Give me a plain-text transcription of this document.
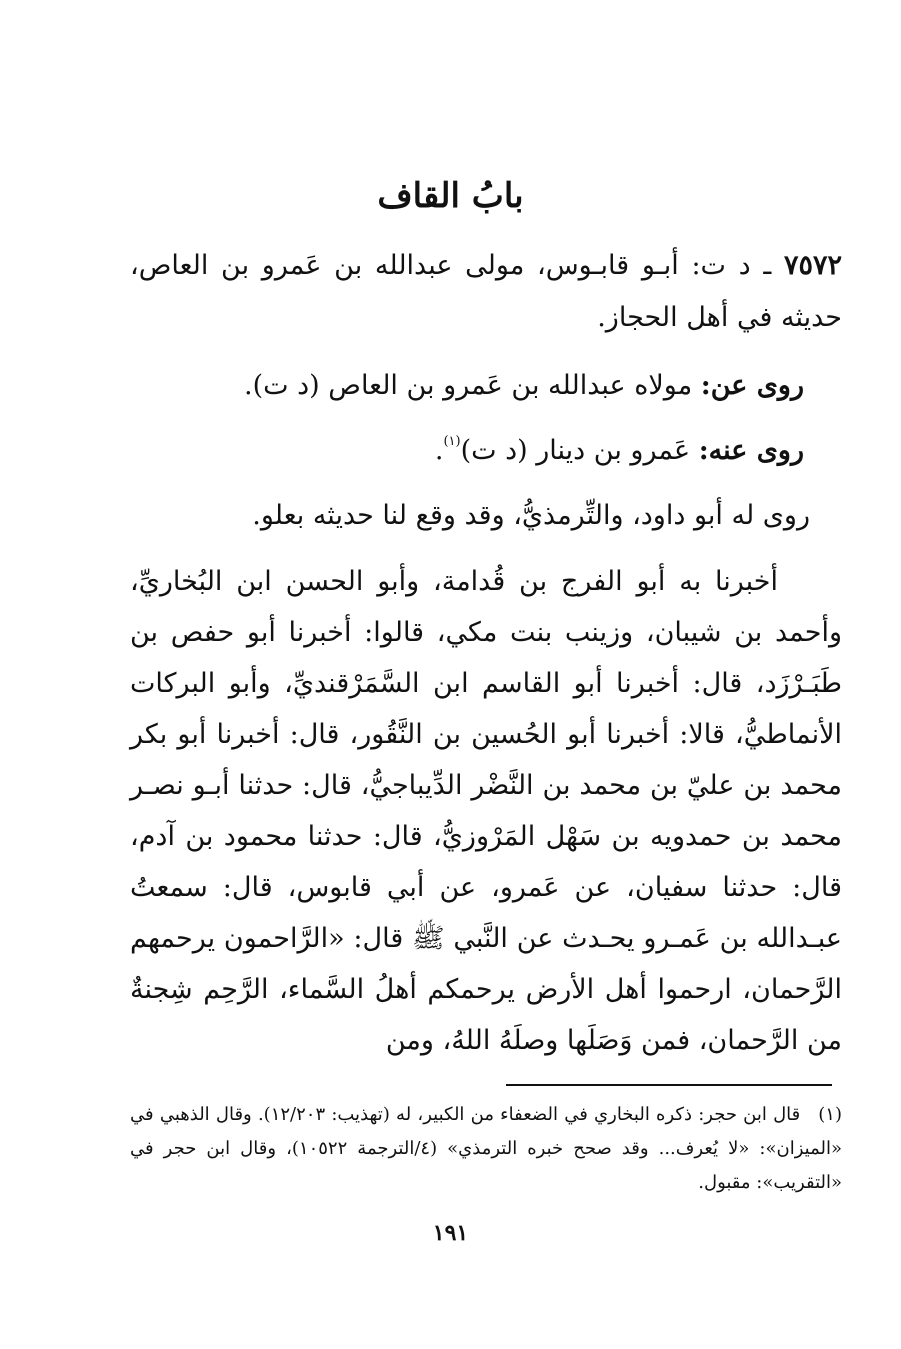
بابُ القاف
٧٥٧٢ ـ د ت: أبـو قابـوس، مولى عبدالله بن عَمرو بن العاص، حديثه في أهل الحجاز.
روى عن: مولاه عبدالله بن عَمرو بن العاص (د ت).
روى عنه: عَمرو بن دينار (د ت)$^{(١)}$.
روى له أبو داود، والتِّرمذيُّ، وقد وقع لنا حديثه بعلو.
أخبرنا به أبو الفرج بن قُدامة، وأبو الحسن ابن البُخاريِّ، وأحمد بن شيبان، وزينب بنت مكي، قالوا: أخبرنا أبو حفص بن طَبَـرْزَد، قال: أخبرنا أبو القاسم ابن السَّمَرْقنديِّ، وأبو البركات الأنماطيُّ، قالا: أخبرنا أبو الحُسين بن النَّقُور، قال: أخبرنا أبو بكر محمد بن عليّ بن محمد بن النَّضْر الدِّيباجيُّ، قال: حدثنا أبـو نصـر محمد بن حمدويه بن سَهْل المَرْوزيُّ، قال: حدثنا محمود بن آدم، قال: حدثنا سفيان، عن عَمرو، عن أبي قابوس، قال: سمعتُ عبـدالله بن عَمـرو يحـدث عن النَّبي ﷺ قال: «الرَّاحمون يرحمهم الرَّحمان، ارحموا أهل الأرض يرحمكم أهلُ السَّماء، الرَّحِم شِجنةٌ من الرَّحمان، فمن وَصَلَها وصلَهُ اللهُ، ومن
(١)قال ابن حجر: ذكره البخاري في الضعفاء من الكبير، له (تهذيب: ١٢/٢٠٣). وقال الذهبي في «الميزان»: «لا يُعرف... وقد صحح خبره الترمذي» (٤/الترجمة ١٠٥٢٢)، وقال ابن حجر في «التقريب»: مقبول.
١٩١
